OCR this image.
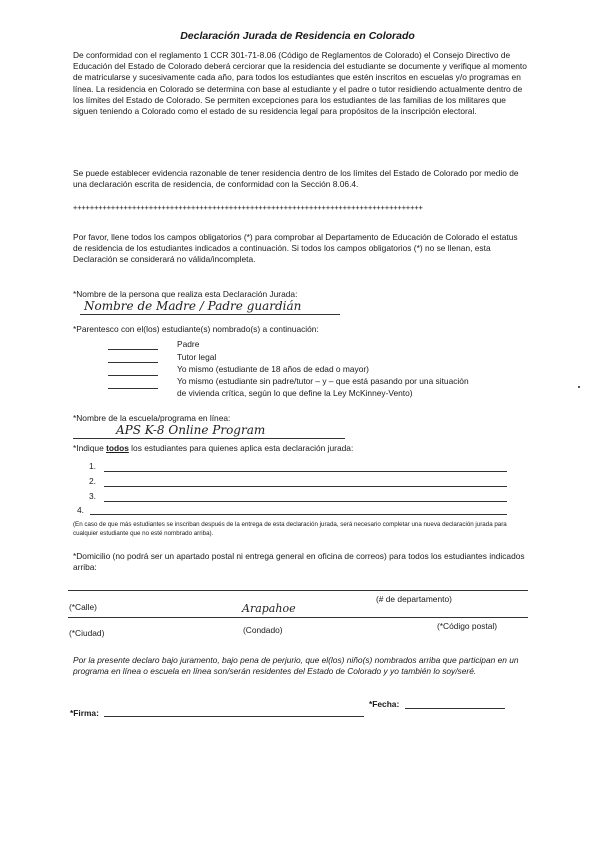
Declaración Jurada de Residencia en Colorado
De conformidad con el reglamento 1 CCR 301-71-8.06 (Código de Reglamentos de Colorado) el Consejo Directivo de Educación del Estado de Colorado deberá cerciorar que la residencia del estudiante se documente y verifique al momento de matricularse y sucesivamente cada año, para todos los estudiantes que estén inscritos en escuelas y/o programas en línea. La residencia en Colorado se determina con base al estudiante y el padre o tutor residiendo actualmente dentro de los límites del Estado de Colorado. Se permiten excepciones para los estudiantes de las familias de los militares que siguen teniendo a Colorado como el estado de su residencia legal para propósitos de la inscripción electoral.
Se puede establecer evidencia razonable de tener residencia dentro de los límites del Estado de Colorado por medio de una declaración escrita de residencia, de conformidad con la Sección 8.06.4.
+++++++++++++++++++++++++++++++++++++++++++++++++++++++++++++++++++++++++++++++++++
Por favor, llene todos los campos obligatorios (*) para comprobar al Departamento de Educación de Colorado el estatus de residencia de los estudiantes indicados a continuación. Si todos los campos obligatorios (*) no se llenan, esta Declaración se considerará no válida/incompleta.
*Nombre de la persona que realiza esta Declaración Jurada:
Nombre de Madre / Padre guardián
*Parentesco con el(los) estudiante(s) nombrado(s) a continuación:
Padre
Tutor legal
Yo mismo (estudiante de 18 años de edad o mayor)
Yo mismo (estudiante sin padre/tutor – y – que está pasando por una situación
de vivienda crítica, según lo que define la Ley McKinney-Vento)
*Nombre de la escuela/programa en línea:
APS K-8 Online Program
*Indique todos los estudiantes para quienes aplica esta declaración jurada:
1.
2.
3.
4.
(En caso de que más estudiantes se inscriban después de la entrega de esta declaración jurada, será necesario completar una nueva declaración jurada para cualquier estudiante que no esté nombrado arriba).
*Domicilio (no podrá ser un apartado postal ni entrega general en oficina de correos) para todos los estudiantes indicados arriba:
(# de departamento)
(*Calle)	Arapahoe
(*Código postal)
(Condado)
(*Ciudad)
Por la presente declaro bajo juramento, bajo pena de perjurio, que el(los) niño(s) nombrados arriba que participan en un programa en línea o escuela en línea son/serán residentes del Estado de Colorado y yo también lo soy/seré.
*Firma:
*Fecha:
